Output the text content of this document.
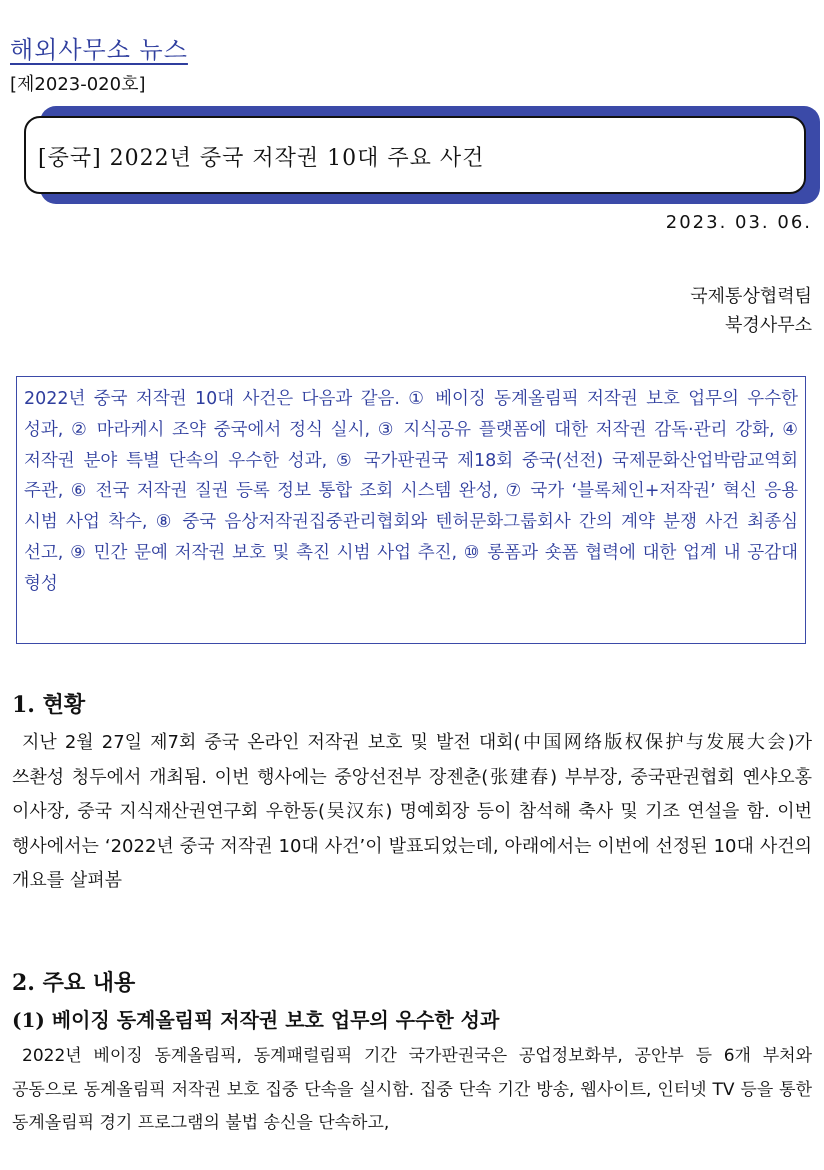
해외사무소 뉴스
[제2023-020호]
[중국] 2022년 중국 저작권 10대 주요 사건
2023. 03. 06.
국제통상협력팀
북경사무소
2022년 중국 저작권 10대 사건은 다음과 같음. ① 베이징 동계올림픽 저작권 보호 업무의 우수한 성과, ② 마라케시 조약 중국에서 정식 실시, ③ 지식공유 플랫폼에 대한 저작권 감독·관리 강화, ④ 저작권 분야 특별 단속의 우수한 성과, ⑤ 국가판권국 제18회 중국(선전) 국제문화산업박람교역회 주관, ⑥ 전국 저작권 질권 등록 정보 통합 조회 시스템 완성, ⑦ 국가 ‘블록체인+저작권’ 혁신 응용 시범 사업 착수, ⑧ 중국 음상저작권집중관리협회와 텐허문화그룹회사 간의 계약 분쟁 사건 최종심 선고, ⑨ 민간 문예 저작권 보호 및 촉진 시범 사업 추진, ⑩ 롱폼과 숏폼 협력에 대한 업계 내 공감대 형성
1. 현황
지난 2월 27일 제7회 중국 온라인 저작권 보호 및 발전 대회(中国网络版权保护与发展大会)가 쓰촨성 청두에서 개최됨. 이번 행사에는 중앙선전부 장젠춘(张建春) 부부장, 중국판권협회 옌샤오홍 이사장, 중국 지식재산권연구회 우한동(吴汉东) 명예회장 등이 참석해 축사 및 기조 연설을 함. 이번 행사에서는 ‘2022년 중국 저작권 10대 사건’이 발표되었는데, 아래에서는 이번에 선정된 10대 사건의 개요를 살펴봄
2. 주요 내용
(1) 베이징 동계올림픽 저작권 보호 업무의 우수한 성과
2022년 베이징 동계올림픽, 동계패럴림픽 기간 국가판권국은 공업정보화부, 공안부 등 6개 부처와 공동으로 동계올림픽 저작권 보호 집중 단속을 실시함. 집중 단속 기간 방송, 웹사이트, 인터넷 TV 등을 통한 동계올림픽 경기 프로그램의 불법 송신을 단속하고,
